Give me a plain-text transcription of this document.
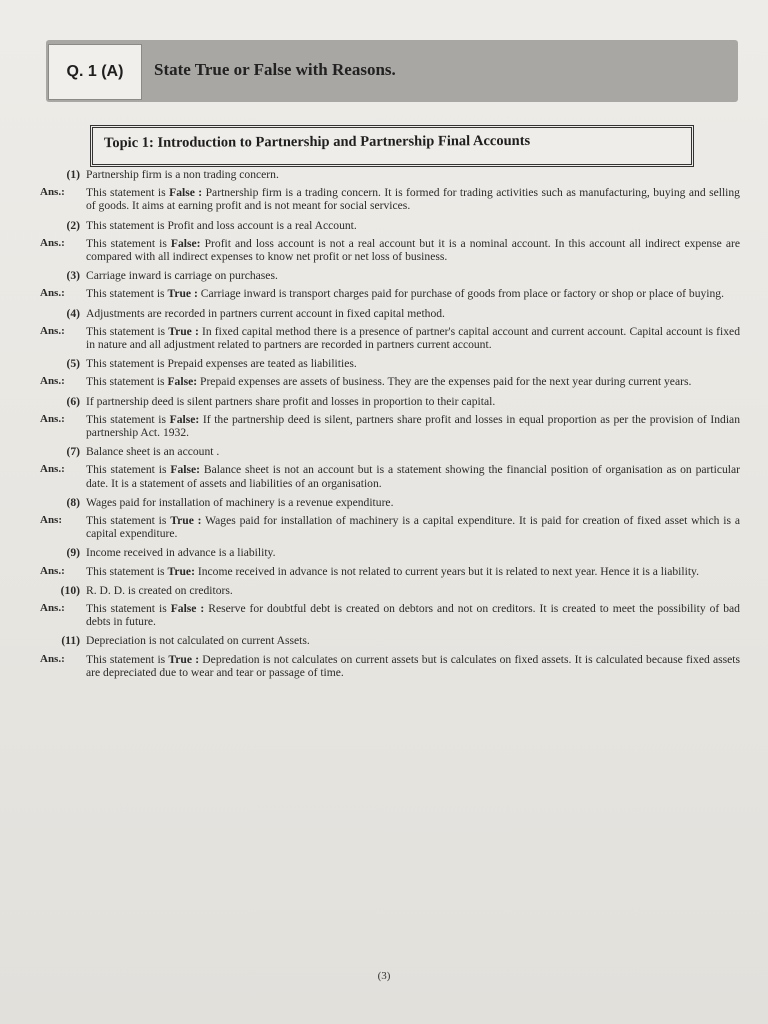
Q. 1 (A)	State True or False with Reasons.
Topic 1: Introduction to Partnership and Partnership Final Accounts
(1) Partnership firm is a non trading concern.
Ans.:	This statement is False : Partnership firm is a trading concern. It is formed for trading activities such as manufacturing, buying and selling of goods. It aims at earning profit and is not meant for social services.
(2) This statement is Profit and loss account is a real Account.
Ans.:	This statement is False: Profit and loss account is not a real account but it is a nominal account. In this account all indirect expense are compared with all indirect expenses to know net profit or net loss of business.
(3) Carriage inward is carriage on purchases.
Ans.:	This statement is True : Carriage inward is transport charges paid for purchase of goods from place or factory or shop or place of buying.
(4) Adjustments are recorded in partners current account in fixed capital method.
Ans.:	This statement is True : In fixed capital method there is a presence of partner's capital account and current account. Capital account is fixed in nature and all adjustment related to partners are recorded in partners current account.
(5) This statement is Prepaid expenses are teated as liabilities.
Ans.:	This statement is False: Prepaid expenses are assets of business. They are the expenses paid for the next year during current years.
(6) If partnership deed is silent partners share profit and losses in proportion to their capital.
Ans.:	This statement is False: If the partnership deed is silent, partners share profit and losses in equal proportion as per the provision of Indian partnership Act. 1932.
(7) Balance sheet is an account .
Ans.:	This statement is False: Balance sheet is not an account but is a statement showing the financial position of organisation as on particular date. It is a statement of assets and liabilities of an organisation.
(8) Wages paid for installation of machinery is a revenue expenditure.
Ans:	This statement is True : Wages paid for installation of machinery is a capital expenditure. It is paid for creation of fixed asset which is a capital expenditure.
(9) Income received in advance is a liability.
Ans.:	This statement is True: Income received in advance is not related to current years but it is related to next year. Hence it is a liability.
(10) R. D. D. is created on creditors.
Ans.:	This statement is False : Reserve for doubtful debt is created on debtors and not on creditors. It is created to meet the possibility of bad debts in future.
(11) Depreciation is not calculated on current Assets.
Ans.:	This statement is True : Depredation is not calculates on current assets but is calculates on fixed assets. It is calculated because fixed assets are depreciated due to wear and tear or passage of time.
(3)
